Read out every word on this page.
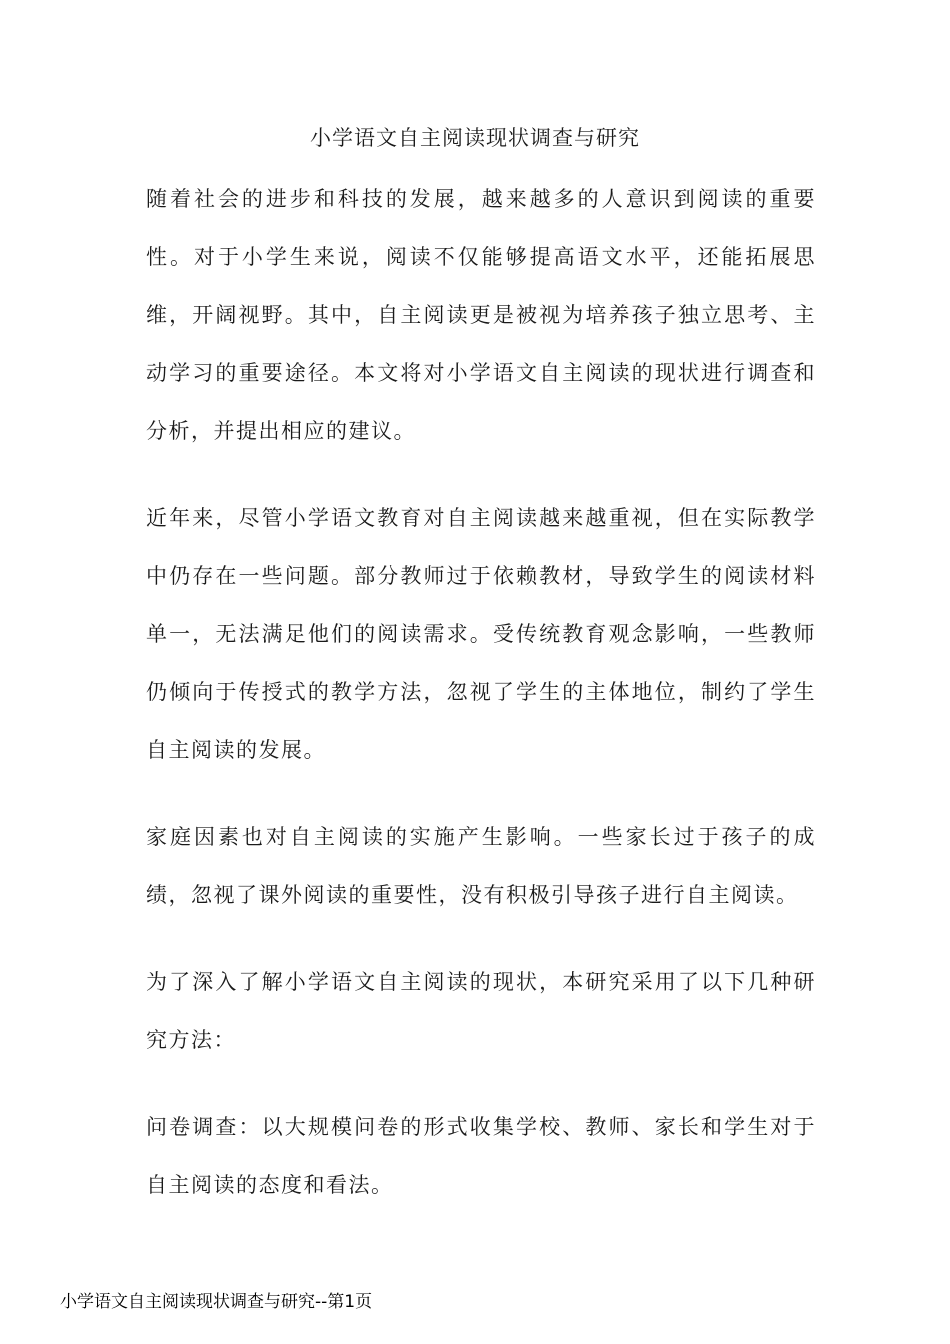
小学语文自主阅读现状调查与研究

随着社会的进步和科技的发展，越来越多的人意识到阅读的重要性。对于小学生来说，阅读不仅能够提高语文水平，还能拓展思维，开阔视野。其中，自主阅读更是被视为培养孩子独立思考、主动学习的重要途径。本文将对小学语文自主阅读的现状进行调查和分析，并提出相应的建议。

近年来，尽管小学语文教育对自主阅读越来越重视，但在实际教学中仍存在一些问题。部分教师过于依赖教材，导致学生的阅读材料单一，无法满足他们的阅读需求。受传统教育观念影响，一些教师仍倾向于传授式的教学方法，忽视了学生的主体地位，制约了学生自主阅读的发展。

家庭因素也对自主阅读的实施产生影响。一些家长过于孩子的成绩，忽视了课外阅读的重要性，没有积极引导孩子进行自主阅读。

为了深入了解小学语文自主阅读的现状，本研究采用了以下几种研究方法：

问卷调查：以大规模问卷的形式收集学校、教师、家长和学生对于自主阅读的态度和看法。

小学语文自主阅读现状调查与研究--第1页
